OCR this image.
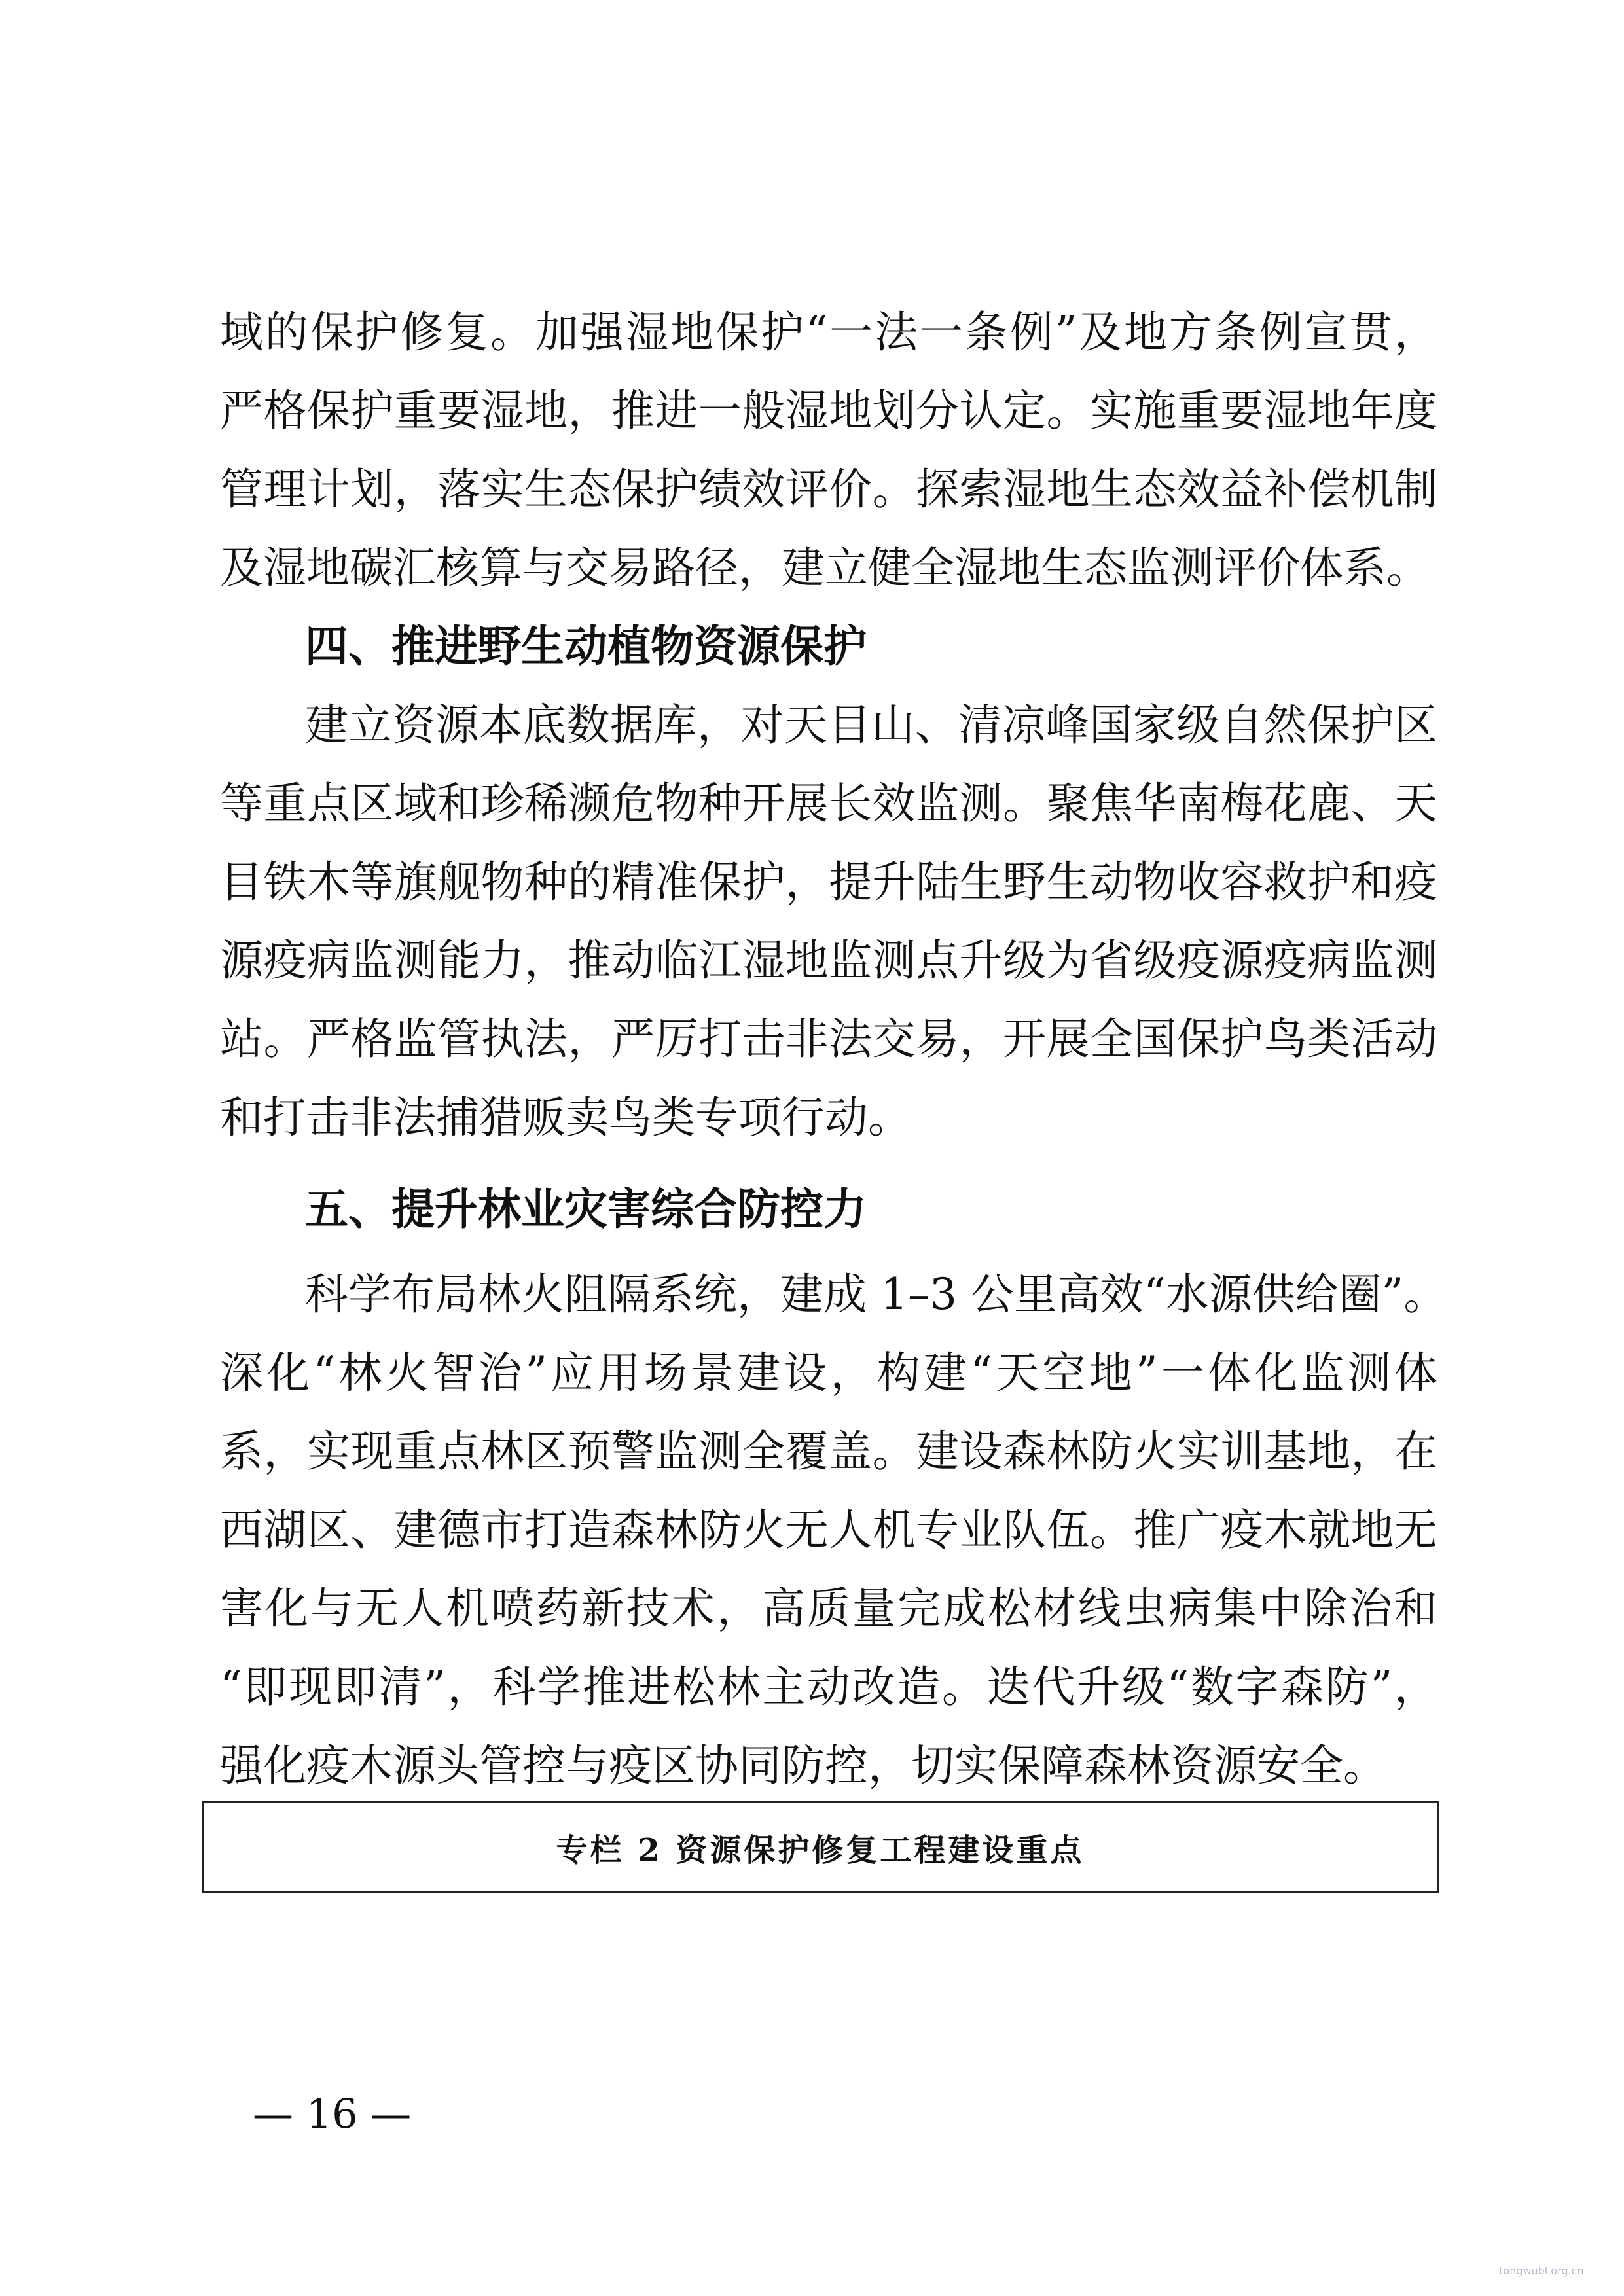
域的保护修复。加强湿地保护“一法一条例”及地方条例宣贯，
严格保护重要湿地，推进一般湿地划分认定。实施重要湿地年度
管理计划，落实生态保护绩效评价。探索湿地生态效益补偿机制
及湿地碳汇核算与交易路径，建立健全湿地生态监测评价体系。
四、推进野生动植物资源保护
建立资源本底数据库，对天目山、清凉峰国家级自然保护区
等重点区域和珍稀濒危物种开展长效监测。聚焦华南梅花鹿、天
目铁木等旗舰物种的精准保护，提升陆生野生动物收容救护和疫
源疫病监测能力，推动临江湿地监测点升级为省级疫源疫病监测
站。严格监管执法，严厉打击非法交易，开展全国保护鸟类活动
和打击非法捕猎贩卖鸟类专项行动。
五、提升林业灾害综合防控力
科学布局林火阻隔系统，建成 1–3 公里高效“水源供给圈”。
深化“林火智治”应用场景建设，构建“天空地”一体化监测体
系，实现重点林区预警监测全覆盖。建设森林防火实训基地，在
西湖区、建德市打造森林防火无人机专业队伍。推广疫木就地无
害化与无人机喷药新技术，高质量完成松材线虫病集中除治和
“即现即清”，科学推进松林主动改造。迭代升级“数字森防”，
强化疫木源头管控与疫区协同防控，切实保障森林资源安全。
专栏 2 资源保护修复工程建设重点
— 16 —
tongwubl.org.cn
